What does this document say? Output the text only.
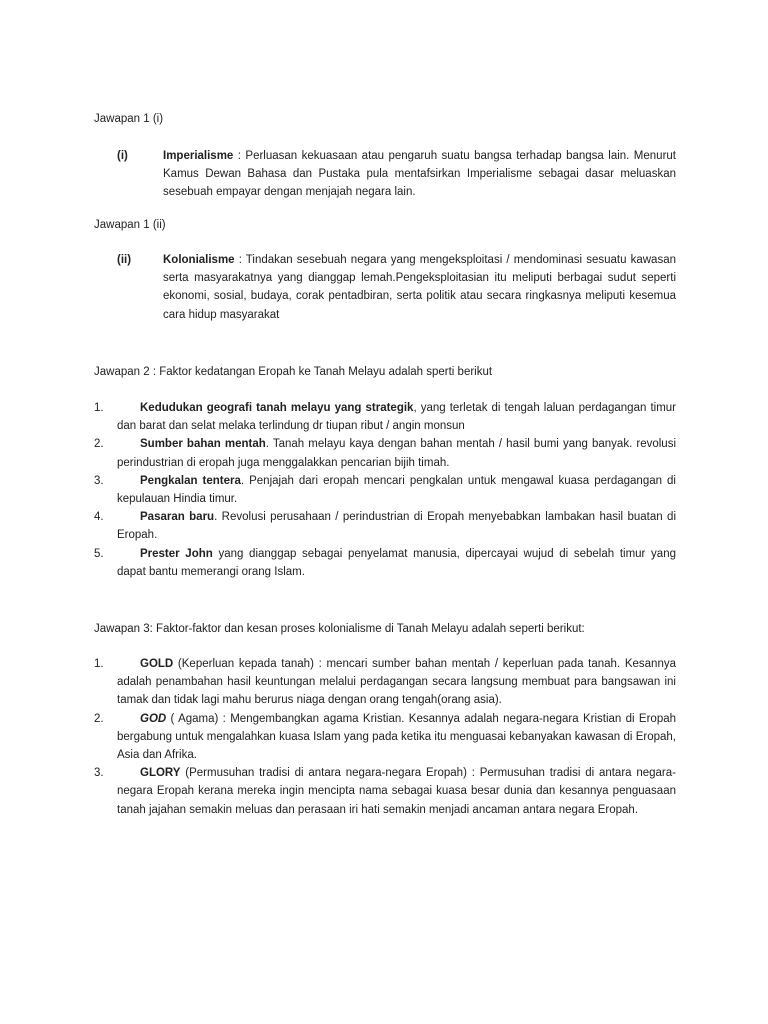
Jawapan 1 (i)
(i)	Imperialisme : Perluasan kekuasaan atau pengaruh suatu bangsa terhadap bangsa lain. Menurut Kamus Dewan Bahasa dan Pustaka pula mentafsirkan Imperialisme sebagai dasar meluaskan sesebuah empayar dengan menjajah negara lain.
Jawapan 1 (ii)
(ii)	Kolonialisme : Tindakan sesebuah negara yang mengeksploitasi / mendominasi sesuatu kawasan serta masyarakatnya yang dianggap lemah.Pengeksploitasian itu meliputi berbagai sudut seperti ekonomi, sosial, budaya, corak pentadbiran, serta politik atau secara ringkasnya meliputi kesemua cara hidup masyarakat
Jawapan 2 : Faktor kedatangan Eropah ke Tanah Melayu adalah sperti berikut
1.	Kedudukan geografi tanah melayu yang strategik, yang terletak di tengah laluan perdagangan timur dan barat dan selat melaka terlindung dr tiupan ribut / angin monsun
2.	Sumber bahan mentah. Tanah melayu kaya dengan bahan mentah / hasil bumi yang banyak. revolusi perindustrian di eropah juga menggalakkan pencarian bijih timah.
3.	Pengkalan tentera. Penjajah dari eropah mencari pengkalan untuk mengawal kuasa perdagangan di kepulauan Hindia timur.
4.	Pasaran baru. Revolusi perusahaan / perindustrian di Eropah menyebabkan lambakan hasil buatan di Eropah.
5.	Prester John yang dianggap sebagai penyelamat manusia, dipercayai wujud di sebelah timur yang dapat bantu memerangi orang Islam.
Jawapan 3: Faktor-faktor dan kesan proses kolonialisme di Tanah Melayu adalah seperti berikut:
1.	GOLD (Keperluan kepada tanah) : mencari sumber bahan mentah / keperluan pada tanah. Kesannya adalah penambahan hasil keuntungan melalui perdagangan secara langsung membuat para bangsawan ini tamak dan tidak lagi mahu berurus niaga dengan orang tengah(orang asia).
2.	GOD ( Agama) : Mengembangkan agama Kristian. Kesannya adalah negara-negara Kristian di Eropah bergabung untuk mengalahkan kuasa Islam yang pada ketika itu menguasai kebanyakan kawasan di Eropah, Asia dan Afrika.
3.	GLORY (Permusuhan tradisi di antara negara-negara Eropah) : Permusuhan tradisi di antara negara-negara Eropah kerana mereka ingin mencipta nama sebagai kuasa besar dunia dan kesannya penguasaan tanah jajahan semakin meluas dan perasaan iri hati semakin menjadi ancaman antara negara Eropah.
